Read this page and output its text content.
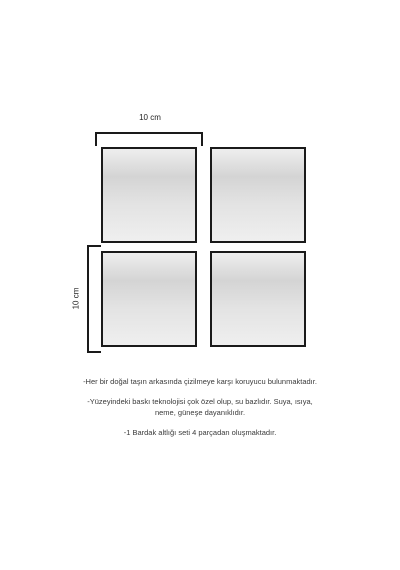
10 cm
10 cm

-Her bir doğal taşın arkasında çizilmeye karşı koruyucu bulunmaktadır.

-Yüzeyindeki baskı teknolojisi çok özel olup, su bazlıdır. Suya, ısıya,
neme, güneşe dayanıklıdır.

-1 Bardak altlığı seti 4 parçadan oluşmaktadır.
